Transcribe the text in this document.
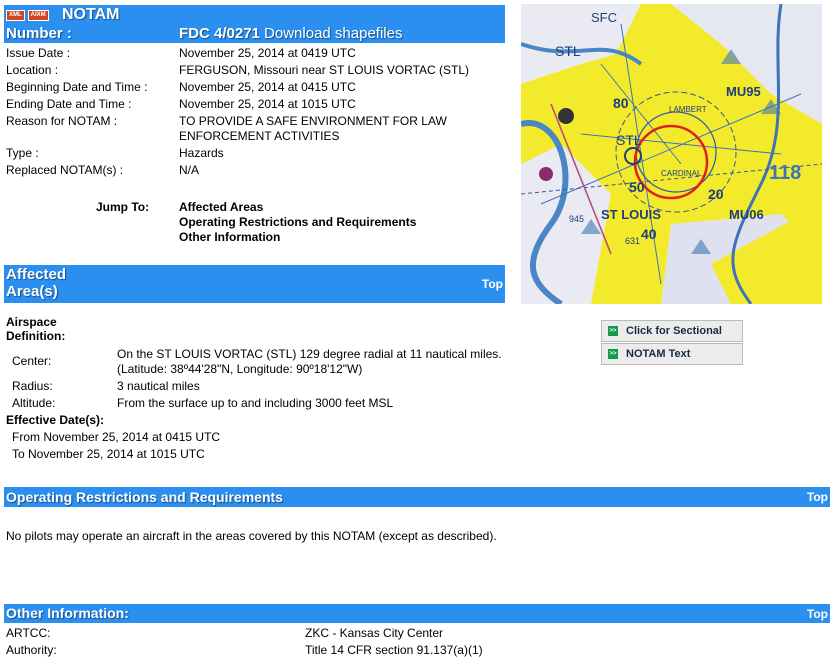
XML AIXM	NOTAM
Number :	FDC 4/0271 Download shapefiles
Issue Date :	November 25, 2014 at 0419 UTC
Location :	FERGUSON, Missouri near ST LOUIS VORTAC (STL)
Beginning Date and Time :	November 25, 2014 at 0415 UTC
Ending Date and Time :	November 25, 2014 at 1015 UTC
Reason for NOTAM :	TO PROVIDE A SAFE ENVIRONMENT FOR LAW ENFORCEMENT ACTIVITIES
Type :	Hazards
Replaced NOTAM(s) :	N/A
Jump To: Affected Areas
Operating Restrictions and Requirements
Other Information
STL
STL
ST LOUIS
MU95
MU06
LAMBERT
CARDINAL
SFC
80
20
50
40
118
945
631
>> Click for Sectional
>> NOTAM Text
Affected
Area(s)	Top
Airspace Definition:
Center:	On the ST LOUIS VORTAC (STL) 129 degree radial at 11 nautical miles. (Latitude: 38º44'28"N, Longitude: 90º18'12"W)
Radius:	3 nautical miles
Altitude:	From the surface up to and including 3000 feet MSL
Effective Date(s):
From November 25, 2014 at 0415 UTC
To November 25, 2014 at 1015 UTC
Operating Restrictions and Requirements	Top
No pilots may operate an aircraft in the areas covered by this NOTAM (except as described).
Other Information:	Top
ARTCC:	ZKC - Kansas City Center
Authority:	Title 14 CFR section 91.137(a)(1)
